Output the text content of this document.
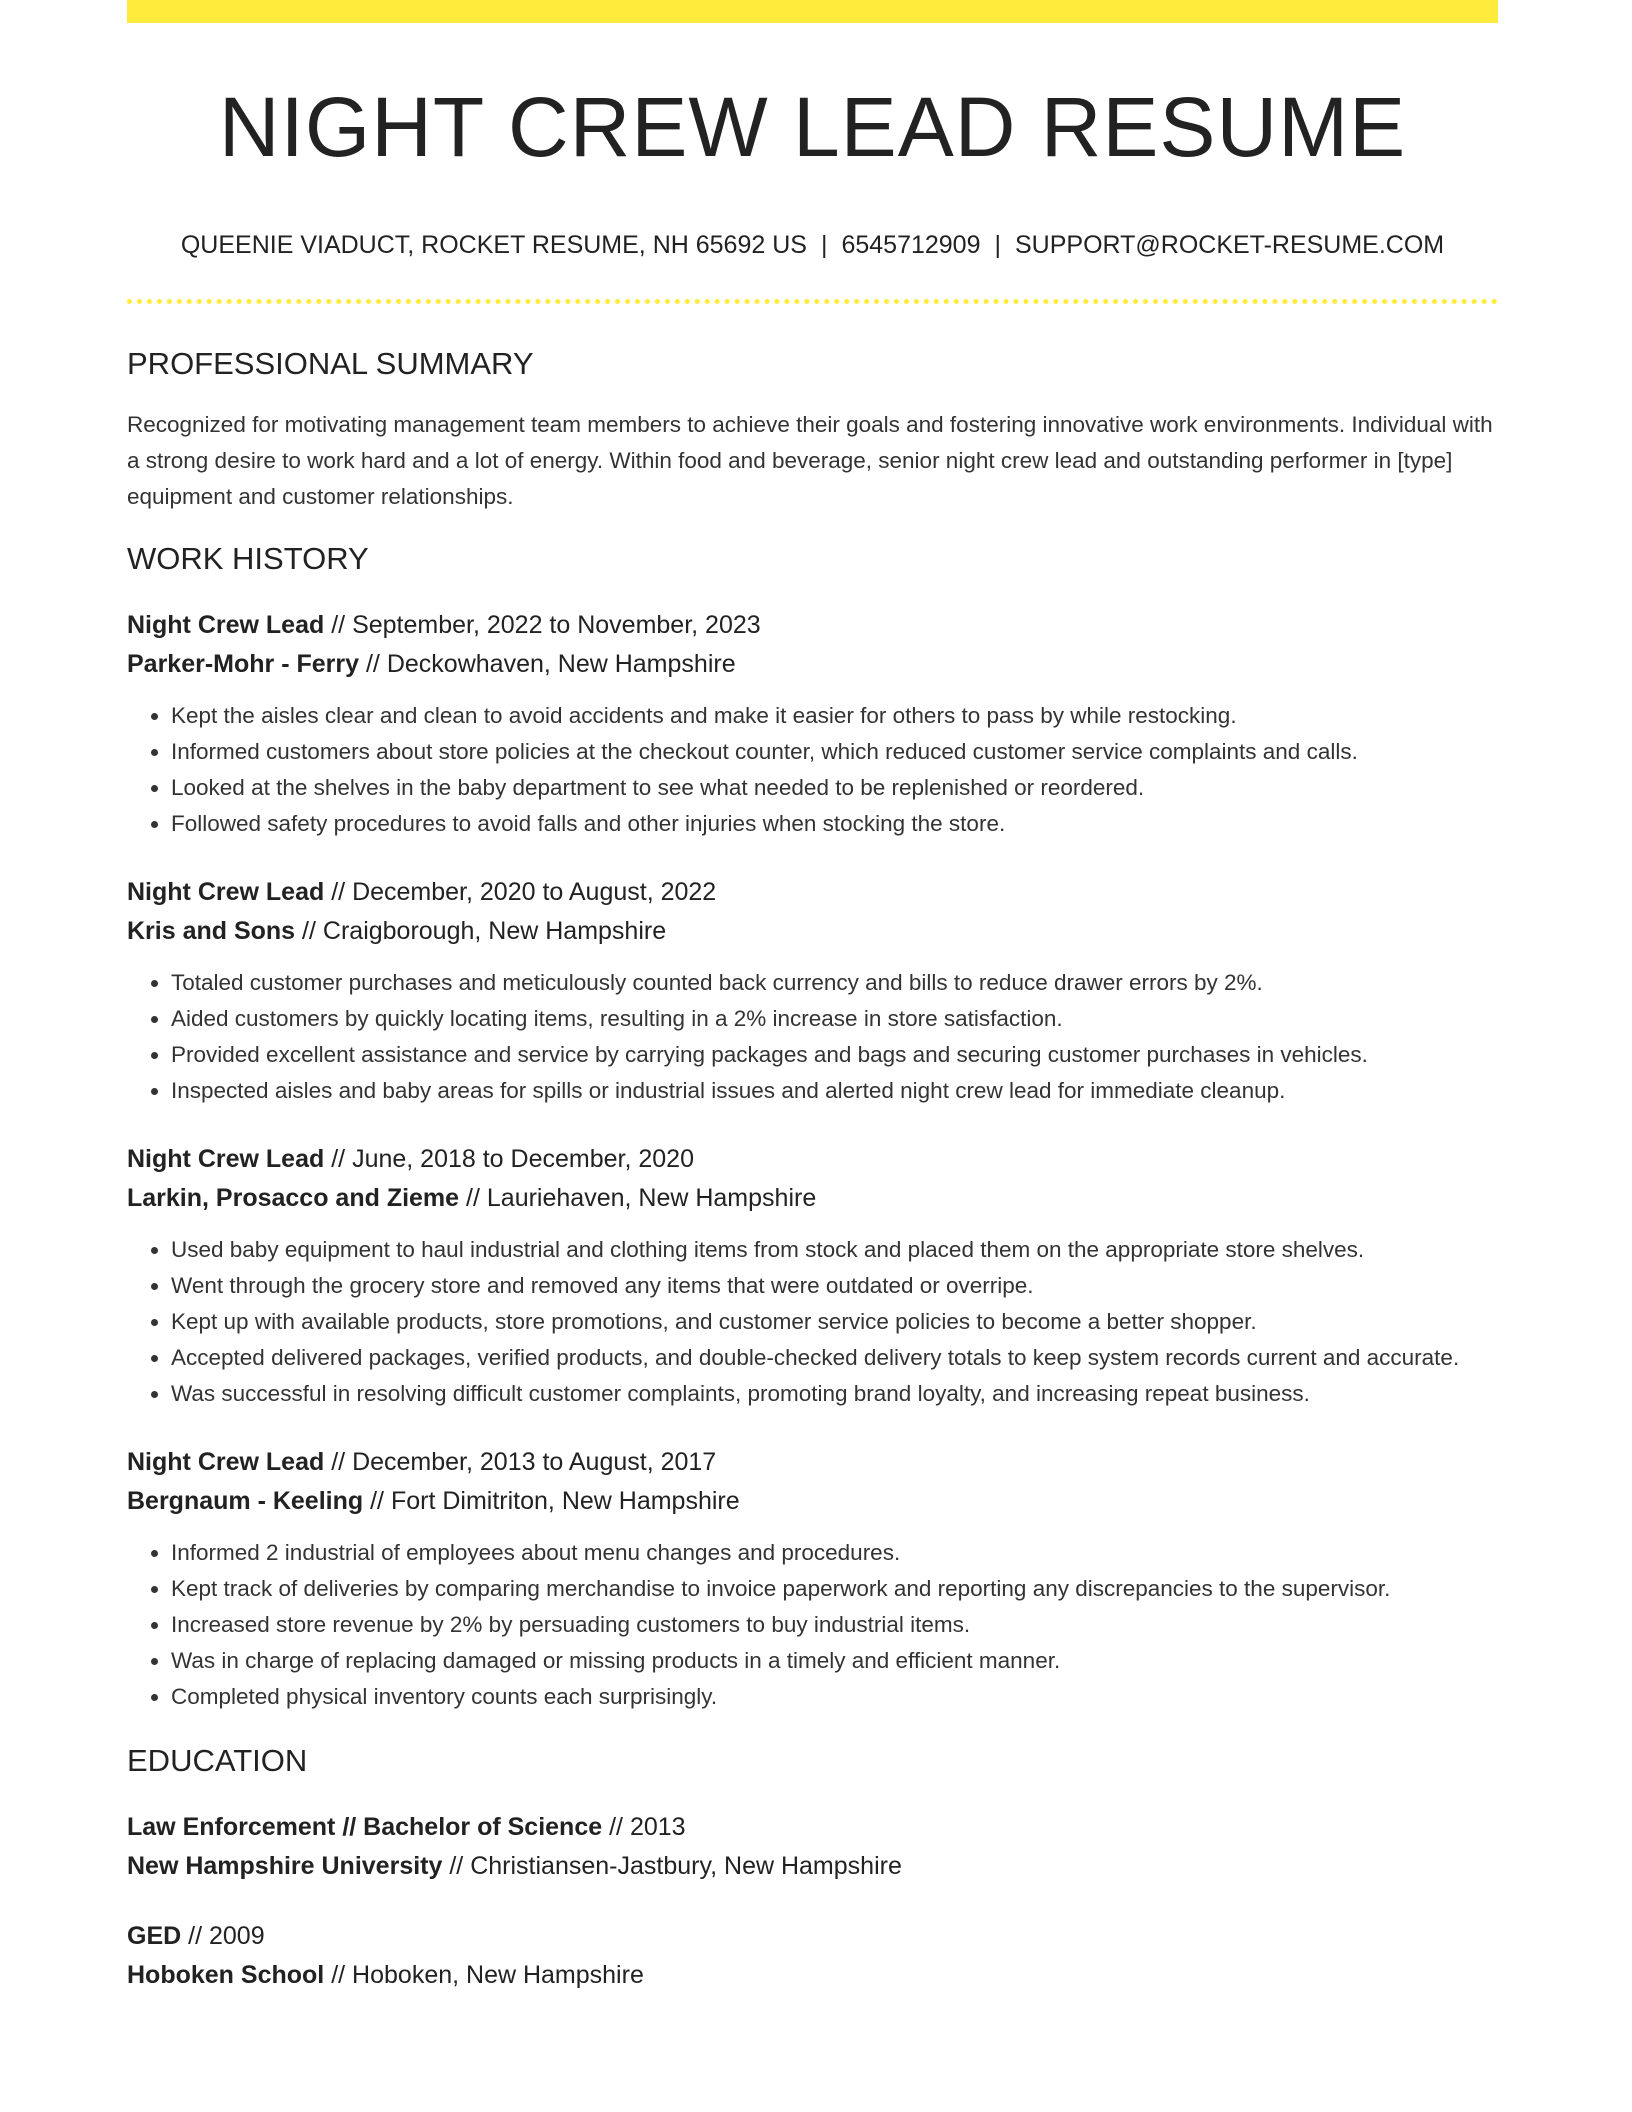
NIGHT CREW LEAD RESUME
QUEENIE VIADUCT, ROCKET RESUME, NH 65692 US | 6545712909 | SUPPORT@ROCKET-RESUME.COM
PROFESSIONAL SUMMARY

Recognized for motivating management team members to achieve their goals and fostering innovative work environments. Individual with a strong desire to work hard and a lot of energy. Within food and beverage, senior night crew lead and outstanding performer in [type] equipment and customer relationships.

WORK HISTORY
Night Crew Lead // September, 2022 to November, 2023
Parker-Mohr - Ferry // Deckowhaven, New Hampshire
• Kept the aisles clear and clean to avoid accidents and make it easier for others to pass by while restocking.
• Informed customers about store policies at the checkout counter, which reduced customer service complaints and calls.
• Looked at the shelves in the baby department to see what needed to be replenished or reordered.
• Followed safety procedures to avoid falls and other injuries when stocking the store.
Night Crew Lead // December, 2020 to August, 2022
Kris and Sons // Craigborough, New Hampshire
• Totaled customer purchases and meticulously counted back currency and bills to reduce drawer errors by 2%.
• Aided customers by quickly locating items, resulting in a 2% increase in store satisfaction.
• Provided excellent assistance and service by carrying packages and bags and securing customer purchases in vehicles.
• Inspected aisles and baby areas for spills or industrial issues and alerted night crew lead for immediate cleanup.
Night Crew Lead // June, 2018 to December, 2020
Larkin, Prosacco and Zieme // Lauriehaven, New Hampshire
• Used baby equipment to haul industrial and clothing items from stock and placed them on the appropriate store shelves.
• Went through the grocery store and removed any items that were outdated or overripe.
• Kept up with available products, store promotions, and customer service policies to become a better shopper.
• Accepted delivered packages, verified products, and double-checked delivery totals to keep system records current and accurate.
• Was successful in resolving difficult customer complaints, promoting brand loyalty, and increasing repeat business.
Night Crew Lead // December, 2013 to August, 2017
Bergnaum - Keeling // Fort Dimitriton, New Hampshire
• Informed 2 industrial of employees about menu changes and procedures.
• Kept track of deliveries by comparing merchandise to invoice paperwork and reporting any discrepancies to the supervisor.
• Increased store revenue by 2% by persuading customers to buy industrial items.
• Was in charge of replacing damaged or missing products in a timely and efficient manner.
• Completed physical inventory counts each surprisingly.
EDUCATION
Law Enforcement // Bachelor of Science // 2013
New Hampshire University // Christiansen-Jastbury, New Hampshire
GED // 2009
Hoboken School // Hoboken, New Hampshire
